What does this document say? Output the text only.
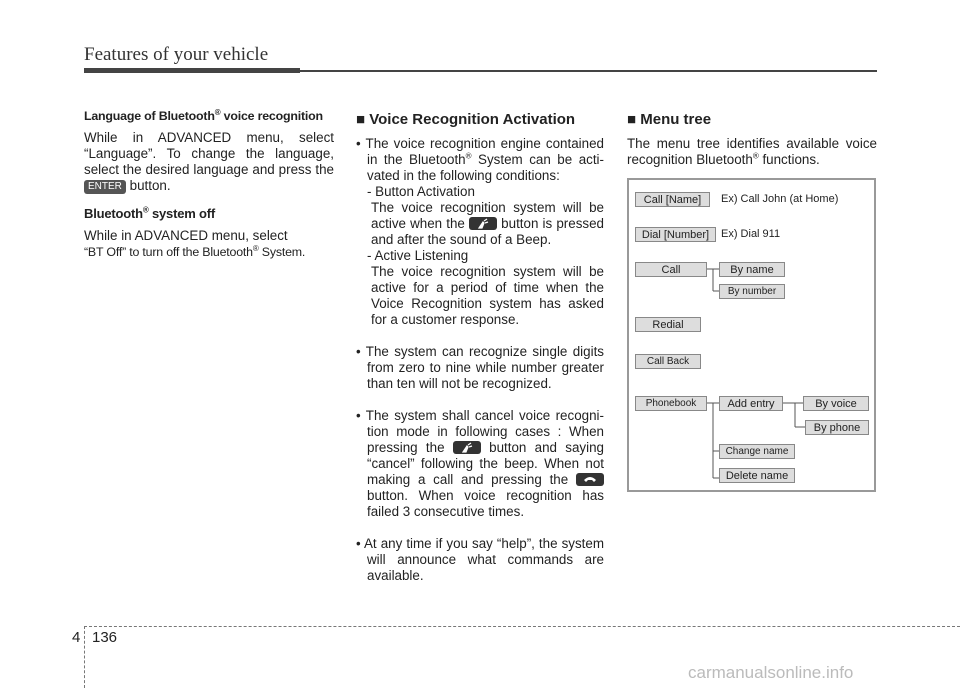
Features of your vehicle
Language of Bluetooth® voice recognition
While in ADVANCED menu, select “Language”. To change the language, select the desired language and press the ENTER button.
Bluetooth® system off
While in ADVANCED menu, select
“BT Off” to turn off the Bluetooth® System.
■ Voice Recognition Activation
• The voice recognition engine contained in the Bluetooth® System can be activated in the following conditions:
- Button Activation
The voice recognition system will be active when the	button is pressed and after the sound of a Beep.
- Active Listening
The voice recognition system will be active for a period of time when the Voice Recognition system has asked for a customer response.
• The system can recognize single digits from zero to nine while number greater than ten will not be recognized.
• The system shall cancel voice recognition mode in following cases : When pressing the	button and saying “cancel” following the beep. When not making a call and pressing the
button. When voice recognition has failed 3 consecutive times.
• At any time if you say “help”, the system will announce what commands are available.
■ Menu tree
The menu tree identifies available voice recognition Bluetooth® functions.
Call [Name]	Ex) Call John (at Home)
Dial [Number]	Ex) Dial 911
Call	By name
By number
Redial
Call Back
Phonebook	Add entry	By voice
By phone
Change name
Delete name
4 136
carmanualsonline.info
